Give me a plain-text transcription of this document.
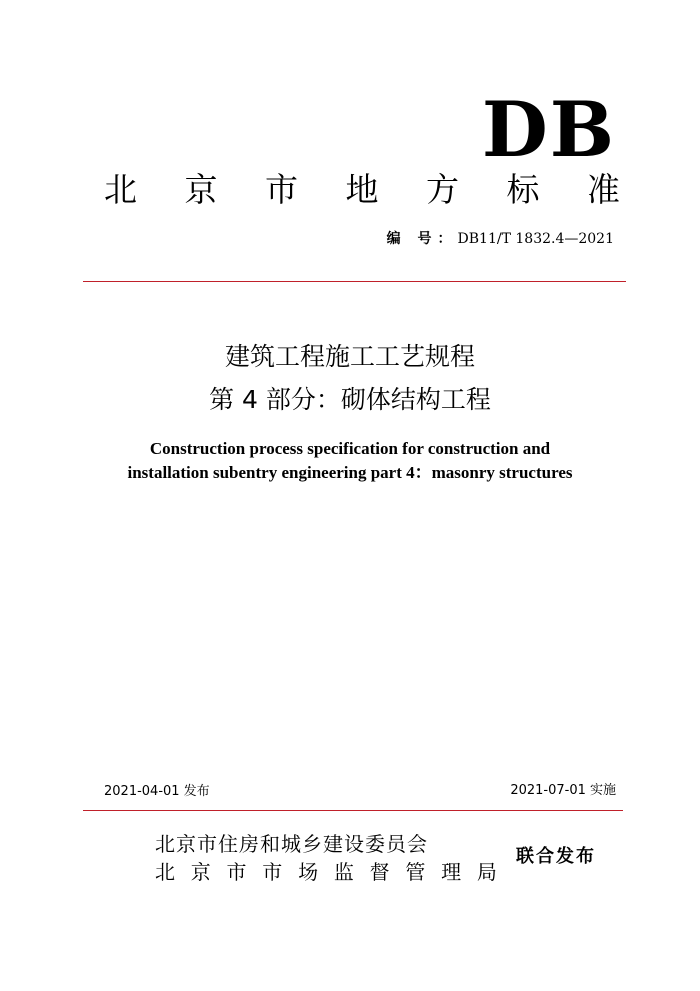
DB
北 京 市 地 方 标 准
编 号：DB11/T 1832.4—2021
建筑工程施工工艺规程
第 4 部分：砌体结构工程
Construction process specification for construction and
installation subentry engineering part 4：masonry structures
2021-04-01 发布	2021-07-01 实施
北京市住房和城乡建设委员会
北 京 市 市 场 监 督 管 理 局
联合发布
